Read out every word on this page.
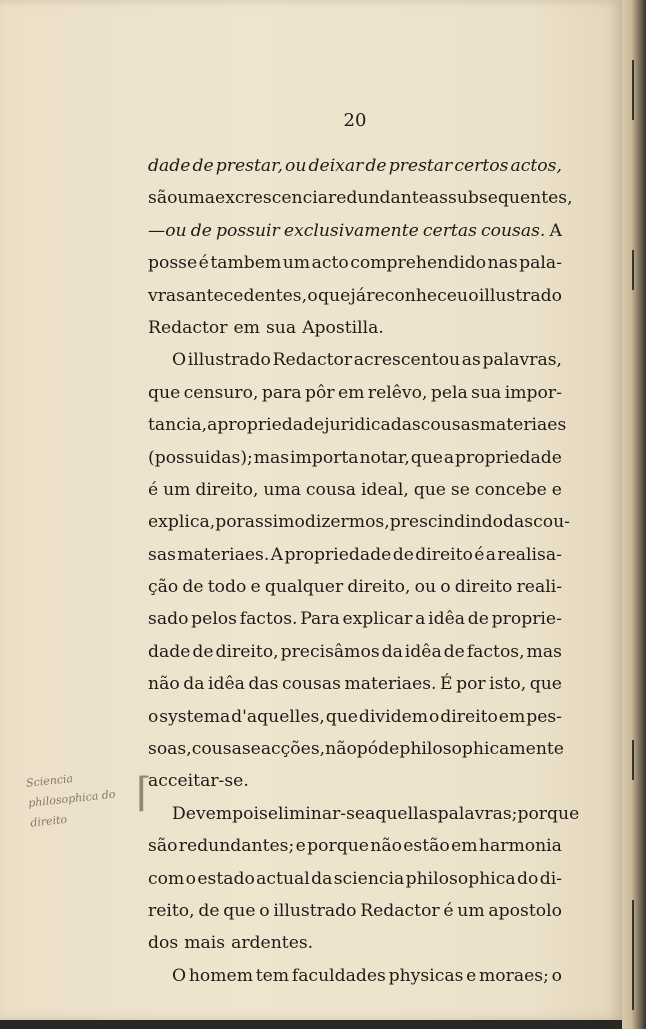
20
dade de prestar, ou deixar de prestar certos actos,
são uma excrescencia redundante as subsequentes,
—ou de possuir exclusivamente certas cousas. A
posse é tambem um acto comprehendido nas pala-
vras antecedentes, o que já reconheceu o illustrado
Redactor em sua Apostilla.
O illustrado Redactor acrescentou as palavras,
que censuro, para pôr em relêvo, pela sua impor-
tancia, a propriedade juridica das cousas materiaes
(possuidas); mas importa notar, que a propriedade
é um direito, uma cousa ideal, que se concebe e
explica, por assim o dizermos, prescindindo das cou-
sas materiaes. A propriedade de direito é a realisa-
ção de todo e qualquer direito, ou o direito reali-
sado pelos factos. Para explicar a idêa de proprie-
dade de direito, precisâmos da idêa de factos, mas
não da idêa das cousas materiaes. É por isto, que
o systema d'aquelles, que dividem o direito em pes-
soas, cousas e acções, não póde philosophicamente
acceitar-se.
Devem pois eliminar-se aquellas palavras; porque
são redundantes; e porque não estão em harmonia
com o estado actual da sciencia philosophica do di-
reito, de que o illustrado Redactor é um apostolo
dos mais ardentes.
O homem tem faculdades physicas e moraes; o
Sciencia philosophica do direito
⌈
